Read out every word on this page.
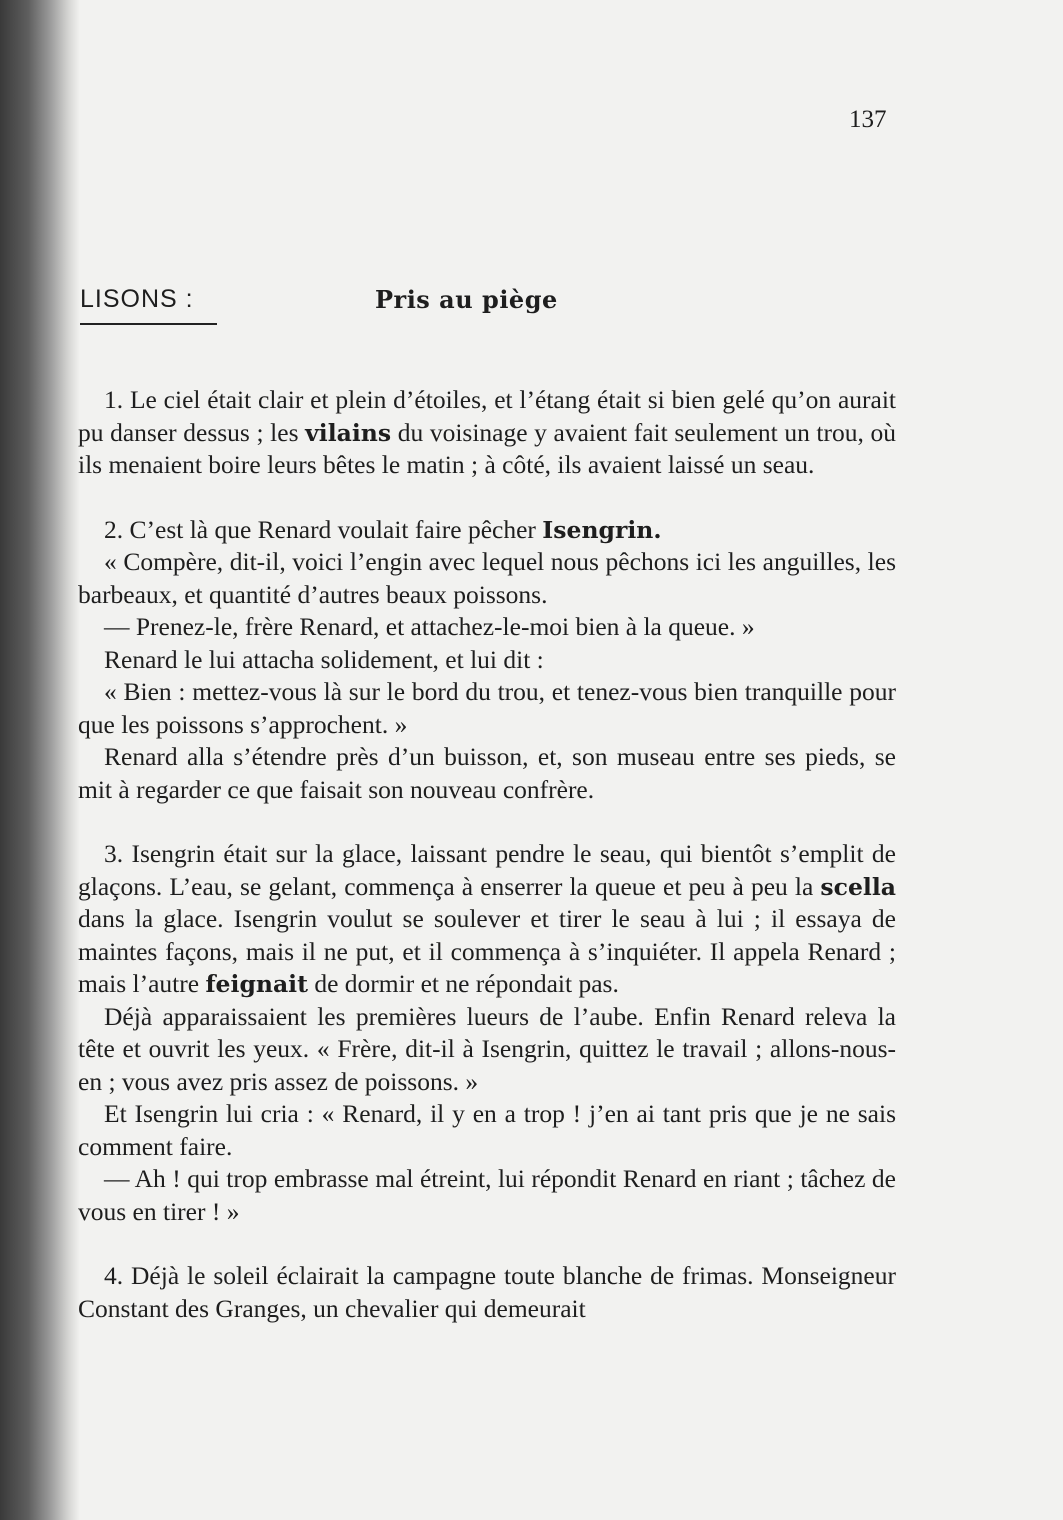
137
LISONS :	Pris au piège

1. Le ciel était clair et plein d’étoiles, et l’étang était si bien gelé qu’on aurait pu danser dessus ; les vilains du voisinage y avaient fait seulement un trou, où ils menaient boire leurs bêtes le matin ; à côté, ils avaient laissé un seau.

2. C’est là que Renard voulait faire pêcher Isengrin.

« Compère, dit-il, voici l’engin avec lequel nous pêchons ici les anguilles, les barbeaux, et quantité d’autres beaux poissons.

— Prenez-le, frère Renard, et attachez-le-moi bien à la queue. »

Renard le lui attacha solidement, et lui dit :

« Bien : mettez-vous là sur le bord du trou, et tenez-vous bien tranquille pour que les poissons s’approchent. »

Renard alla s’étendre près d’un buisson, et, son museau entre ses pieds, se mit à regarder ce que faisait son nouveau confrère.

3. Isengrin était sur la glace, laissant pendre le seau, qui bientôt s’emplit de glaçons. L’eau, se gelant, commença à enserrer la queue et peu à peu la scella dans la glace. Isengrin voulut se soulever et tirer le seau à lui ; il essaya de maintes façons, mais il ne put, et il commença à s’inquiéter. Il appela Renard ; mais l’autre feignait de dormir et ne répondait pas.

Déjà apparaissaient les premières lueurs de l’aube. Enfin Renard releva la tête et ouvrit les yeux. « Frère, dit-il à Isengrin, quittez le travail ; allons-nous-en ; vous avez pris assez de poissons. »

Et Isengrin lui cria : « Renard, il y en a trop ! j’en ai tant pris que je ne sais comment faire.

— Ah ! qui trop embrasse mal étreint, lui répondit Renard en riant ; tâchez de vous en tirer ! »

4. Déjà le soleil éclairait la campagne toute blanche de frimas. Monseigneur Constant des Granges, un chevalier qui demeurait
